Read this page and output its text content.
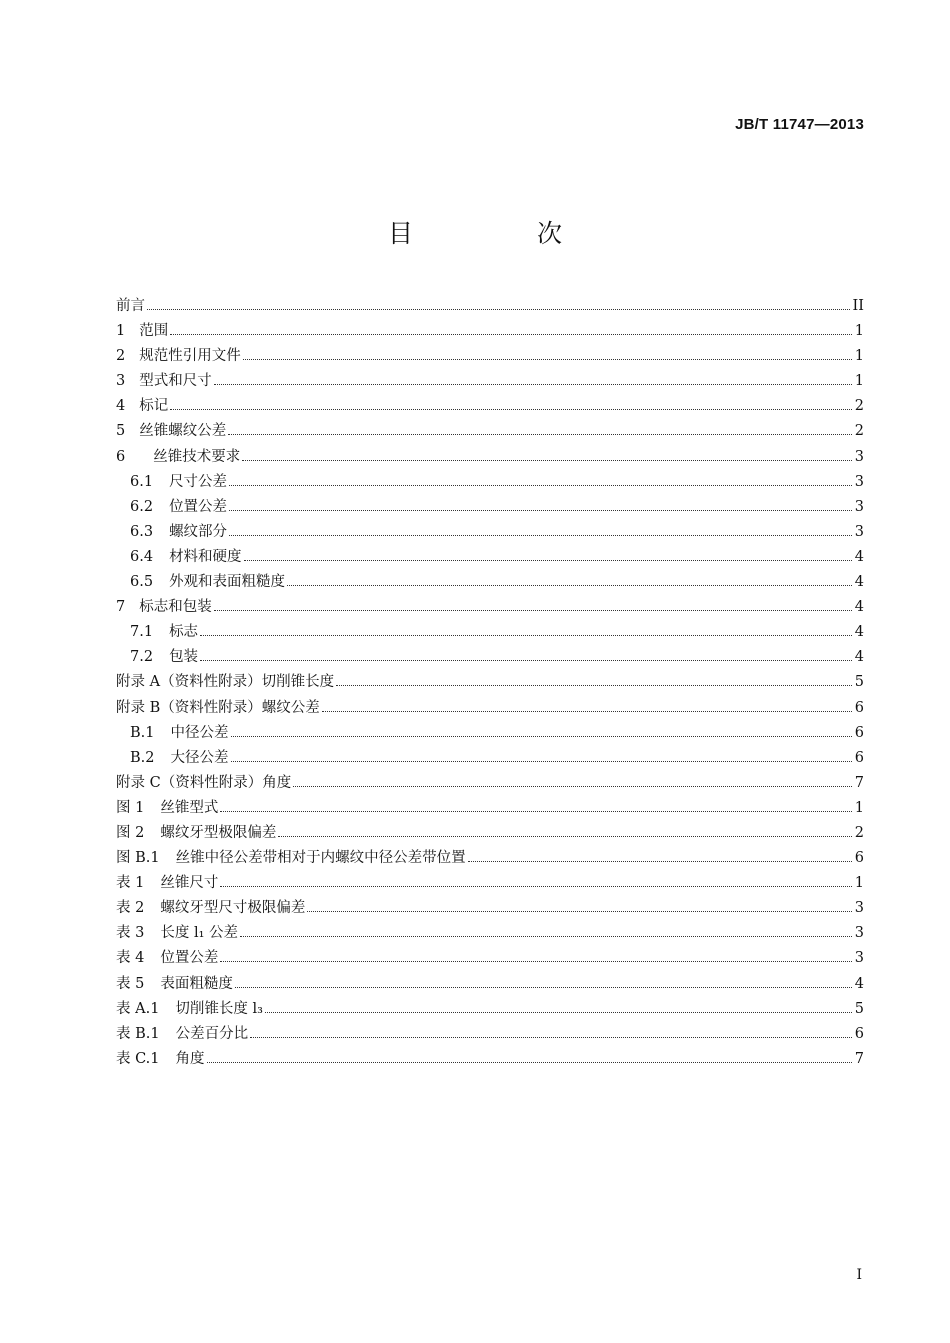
JB/T 11747—2013
目 次
前言	II
1 范围	1
2 规范性引用文件	1
3 型式和尺寸	1
4 标记	2
5 丝锥螺纹公差	2
6 丝锥技术要求	3
6.1 尺寸公差	3
6.2 位置公差	3
6.3 螺纹部分	3
6.4 材料和硬度	4
6.5 外观和表面粗糙度	4
7 标志和包装	4
7.1 标志	4
7.2 包装	4
附录 A（资料性附录）切削锥长度	5
附录 B（资料性附录）螺纹公差	6
B.1 中径公差	6
B.2 大径公差	6
附录 C（资料性附录）角度	7
图 1 丝锥型式	1
图 2 螺纹牙型极限偏差	2
图 B.1 丝锥中径公差带相对于内螺纹中径公差带位置	6
表 1 丝锥尺寸	1
表 2 螺纹牙型尺寸极限偏差	3
表 3 长度 l₁ 公差	3
表 4 位置公差	3
表 5 表面粗糙度	4
表 A.1 切削锥长度 l₃	5
表 B.1 公差百分比	6
表 C.1 角度	7
I
